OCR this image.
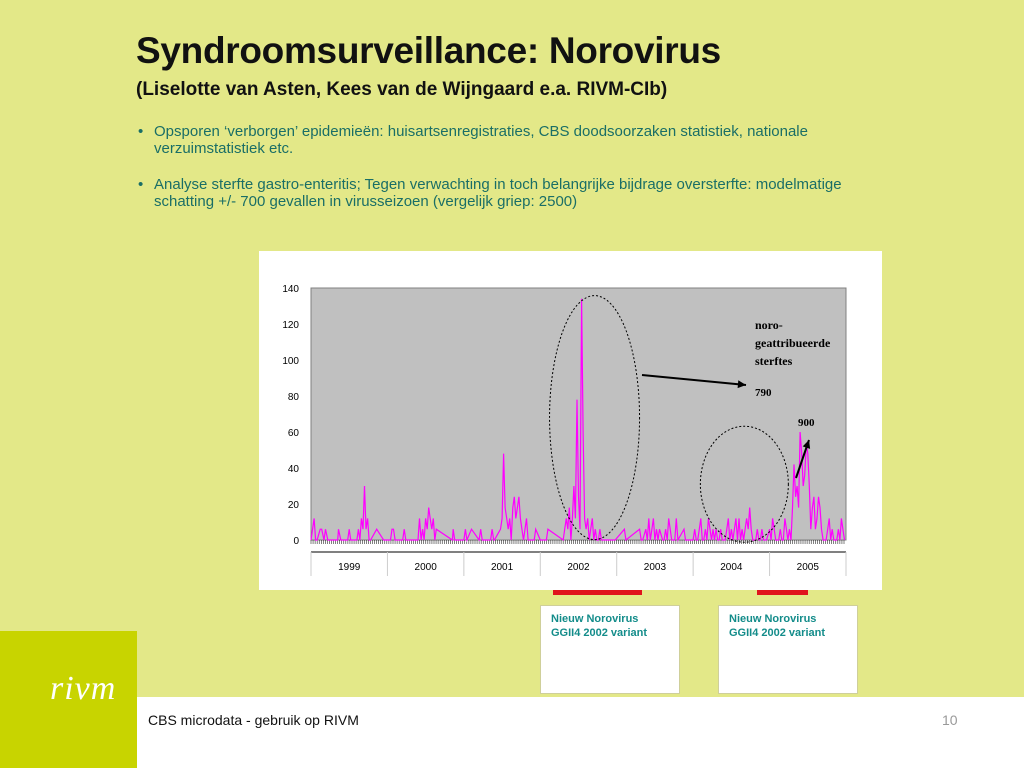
Syndroomsurveillance: Norovirus
(Liselotte van Asten, Kees van de Wijngaard e.a. RIVM-CIb)
• Opsporen ‘verborgen’ epidemieën: huisartsenregistraties, CBS doodsoorzaken statistiek, nationale verzuimstatistiek etc.
• Analyse sterfte gastro-enteritis; Tegen verwachting in toch belangrijke bijdrage oversterfte: modelmatige schatting +/- 700 gevallen in virusseizoen (vergelijk griep: 2500)
0
20
40
60
80
100
120
140
1999	2000	2001	2002	2003	2004	2005
noro-
geattribueerde
sterftes
790
900
Nieuw Norovirus
GGII4 2002 variant
Nieuw Norovirus
GGII4 2002 variant
CBS microdata - gebruik op RIVM	10
rivm
